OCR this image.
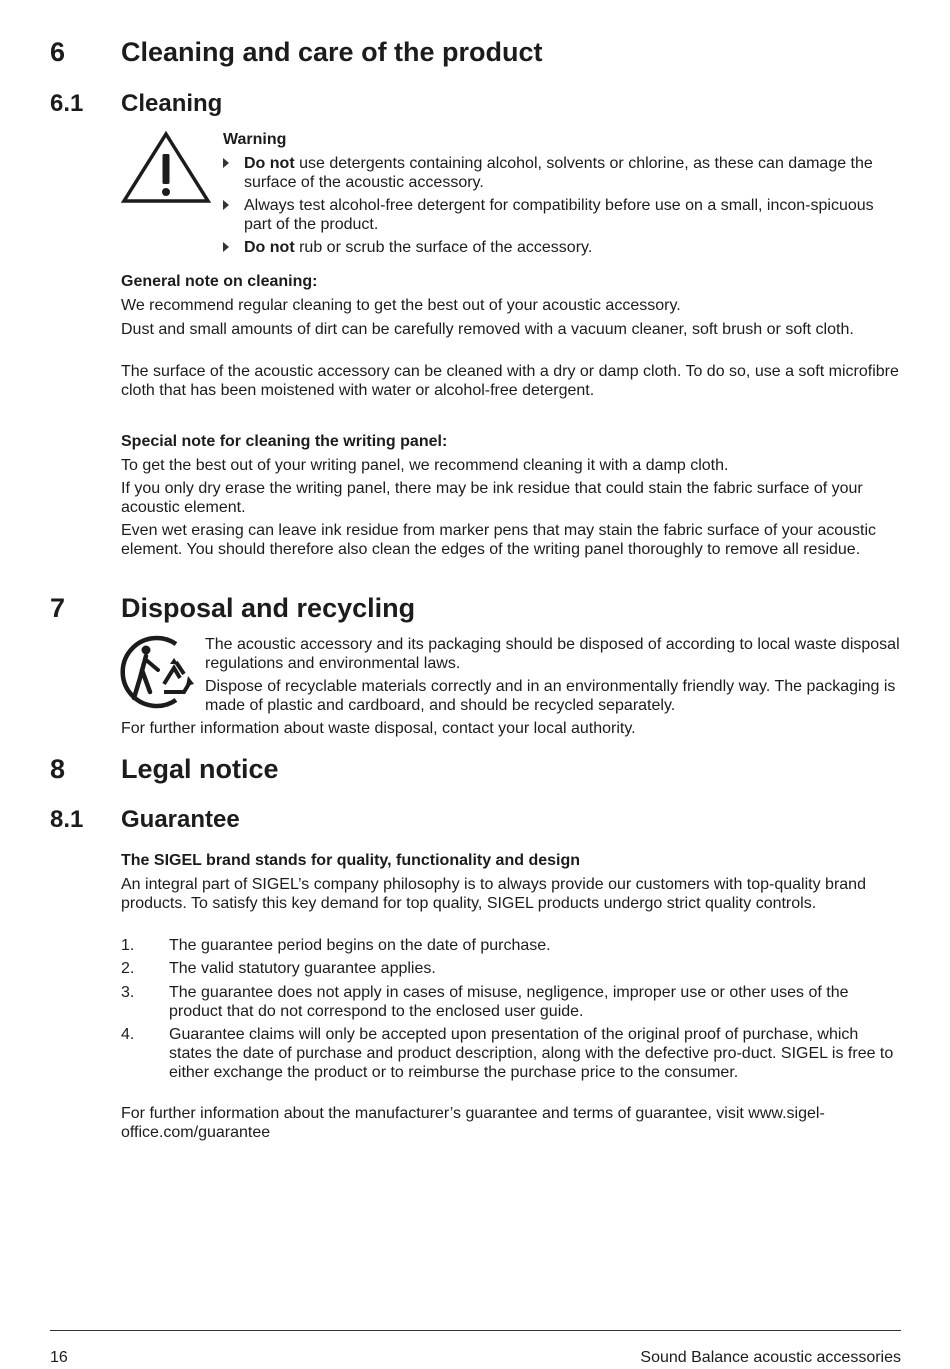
6 Cleaning and care of the product
6.1 Cleaning
Warning
Do not use detergents containing alcohol, solvents or chlorine, as these can damage the surface of the acoustic accessory.
Always test alcohol-free detergent for compatibility before use on a small, incon-spicuous part of the product.
Do not rub or scrub the surface of the accessory.
General note on cleaning:
We recommend regular cleaning to get the best out of your acoustic accessory.
Dust and small amounts of dirt can be carefully removed with a vacuum cleaner, soft brush or soft cloth.
The surface of the acoustic accessory can be cleaned with a dry or damp cloth. To do so, use a soft microfibre cloth that has been moistened with water or alcohol-free detergent.
Special note for cleaning the writing panel:
To get the best out of your writing panel, we recommend cleaning it with a damp cloth.
If you only dry erase the writing panel, there may be ink residue that could stain the fabric surface of your acoustic element.
Even wet erasing can leave ink residue from marker pens that may stain the fabric surface of your acoustic element. You should therefore also clean the edges of the writing panel thoroughly to remove all residue.
7 Disposal and recycling
The acoustic accessory and its packaging should be disposed of according to local waste disposal regulations and environmental laws.
Dispose of recyclable materials correctly and in an environmentally friendly way. The packaging is made of plastic and cardboard, and should be recycled separately.
For further information about waste disposal, contact your local authority.
8 Legal notice
8.1 Guarantee
The SIGEL brand stands for quality, functionality and design
An integral part of SIGEL’s company philosophy is to always provide our customers with top-quality brand products. To satisfy this key demand for top quality, SIGEL products undergo strict quality controls.
1. The guarantee period begins on the date of purchase.
2. The valid statutory guarantee applies.
3. The guarantee does not apply in cases of misuse, negligence, improper use or other uses of the product that do not correspond to the enclosed user guide.
4. Guarantee claims will only be accepted upon presentation of the original proof of purchase, which states the date of purchase and product description, along with the defective pro-duct. SIGEL is free to either exchange the product or to reimburse the purchase price to the consumer.
For further information about the manufacturer’s guarantee and terms of guarantee, visit www.sigel-office.com/guarantee
16	Sound Balance acoustic accessories
